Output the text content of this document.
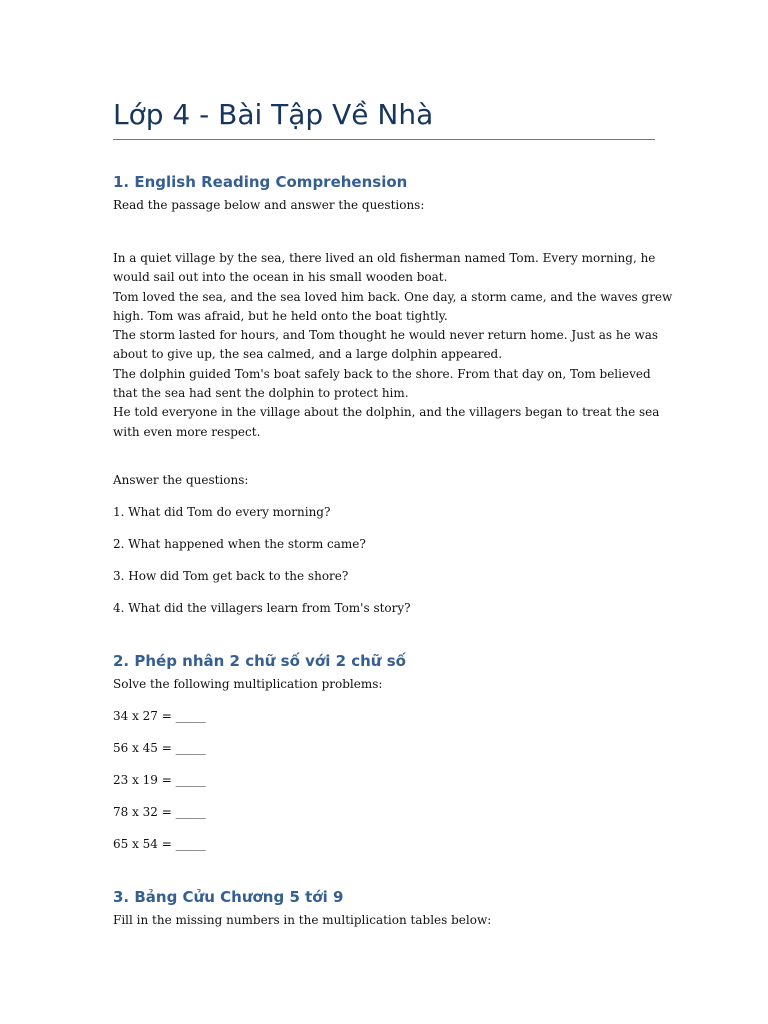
Lớp 4 - Bài Tập Về Nhà
1. English Reading Comprehension

Read the passage below and answer the questions:

In a quiet village by the sea, there lived an old fisherman named Tom. Every morning, he
would sail out into the ocean in his small wooden boat.
Tom loved the sea, and the sea loved him back. One day, a storm came, and the waves grew
high. Tom was afraid, but he held onto the boat tightly.
The storm lasted for hours, and Tom thought he would never return home. Just as he was
about to give up, the sea calmed, and a large dolphin appeared.
The dolphin guided Tom's boat safely back to the shore. From that day on, Tom believed
that the sea had sent the dolphin to protect him.
He told everyone in the village about the dolphin, and the villagers began to treat the sea
with even more respect.

Answer the questions:

1. What did Tom do every morning?

2. What happened when the storm came?

3. How did Tom get back to the shore?

4. What did the villagers learn from Tom's story?

2. Phép nhân 2 chữ số với 2 chữ số

Solve the following multiplication problems:

34 x 27 = _____

56 x 45 = _____

23 x 19 = _____

78 x 32 = _____

65 x 54 = _____

3. Bảng Cửu Chương 5 tới 9

Fill in the missing numbers in the multiplication tables below:
